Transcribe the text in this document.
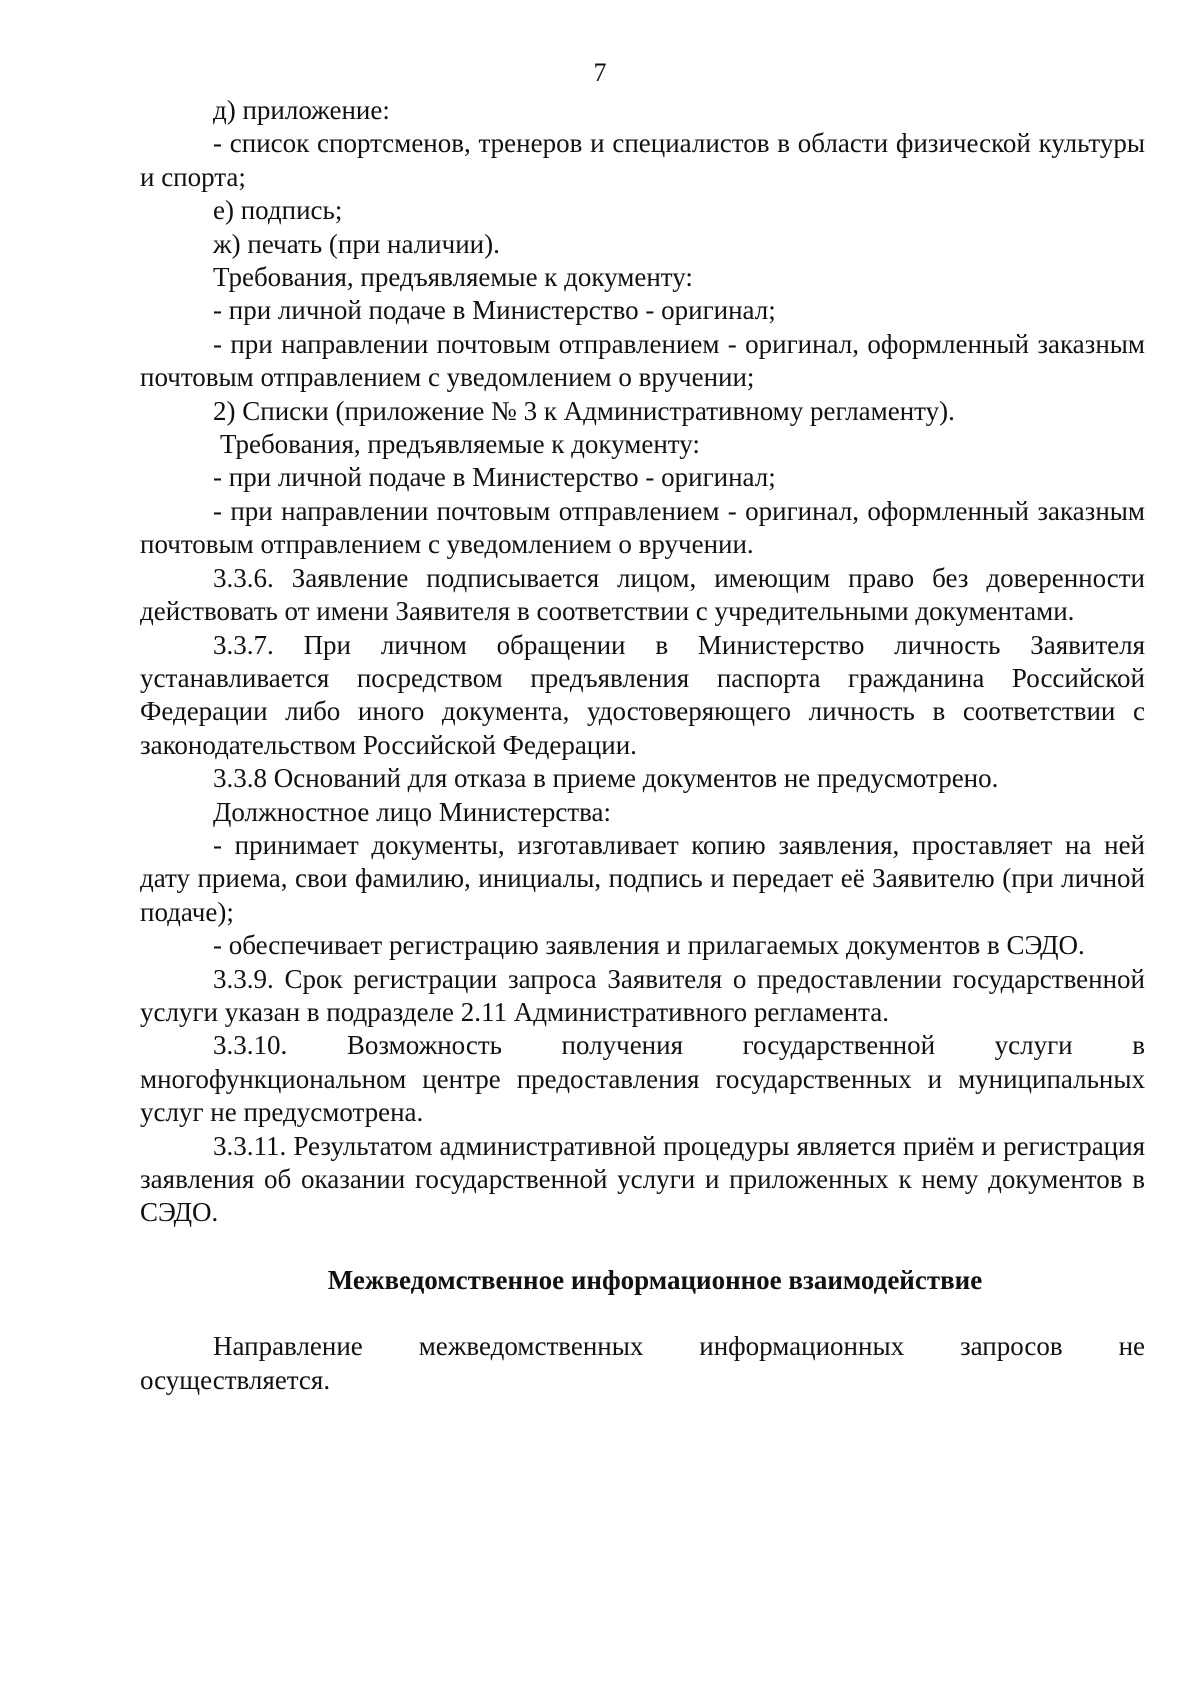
7

д) приложение:

- список спортсменов, тренеров и специалистов в области физической культуры и спорта;

е) подпись;

ж) печать (при наличии).

Требования, предъявляемые к документу:

- при личной подаче в Министерство - оригинал;

- при направлении почтовым отправлением - оригинал, оформленный заказным почтовым отправлением с уведомлением о вручении;

2) Списки (приложение № 3 к Административному регламенту).

Требования, предъявляемые к документу:

- при личной подаче в Министерство - оригинал;

- при направлении почтовым отправлением - оригинал, оформленный заказным почтовым отправлением с уведомлением о вручении.

3.3.6. Заявление подписывается лицом, имеющим право без доверенности действовать от имени Заявителя в соответствии с учредительными документами.

3.3.7. При личном обращении в Министерство личность Заявителя устанавливается посредством предъявления паспорта гражданина Российской Федерации либо иного документа, удостоверяющего личность в соответствии с законодательством Российской Федерации.

3.3.8 Оснований для отказа в приеме документов не предусмотрено.

Должностное лицо Министерства:

- принимает документы, изготавливает копию заявления, проставляет на ней дату приема, свои фамилию, инициалы, подпись и передает её Заявителю (при личной подаче);

- обеспечивает регистрацию заявления и прилагаемых документов в СЭДО.

3.3.9. Срок регистрации запроса Заявителя о предоставлении государственной услуги указан в подразделе 2.11 Административного регламента.

3.3.10. Возможность получения государственной услуги в многофункциональном центре предоставления государственных и муниципальных услуг не предусмотрена.

3.3.11. Результатом административной процедуры является приём и регистрация заявления об оказании государственной услуги и приложенных к нему документов в СЭДО.

Межведомственное информационное взаимодействие

Направление межведомственных информационных запросов не осуществляется.
